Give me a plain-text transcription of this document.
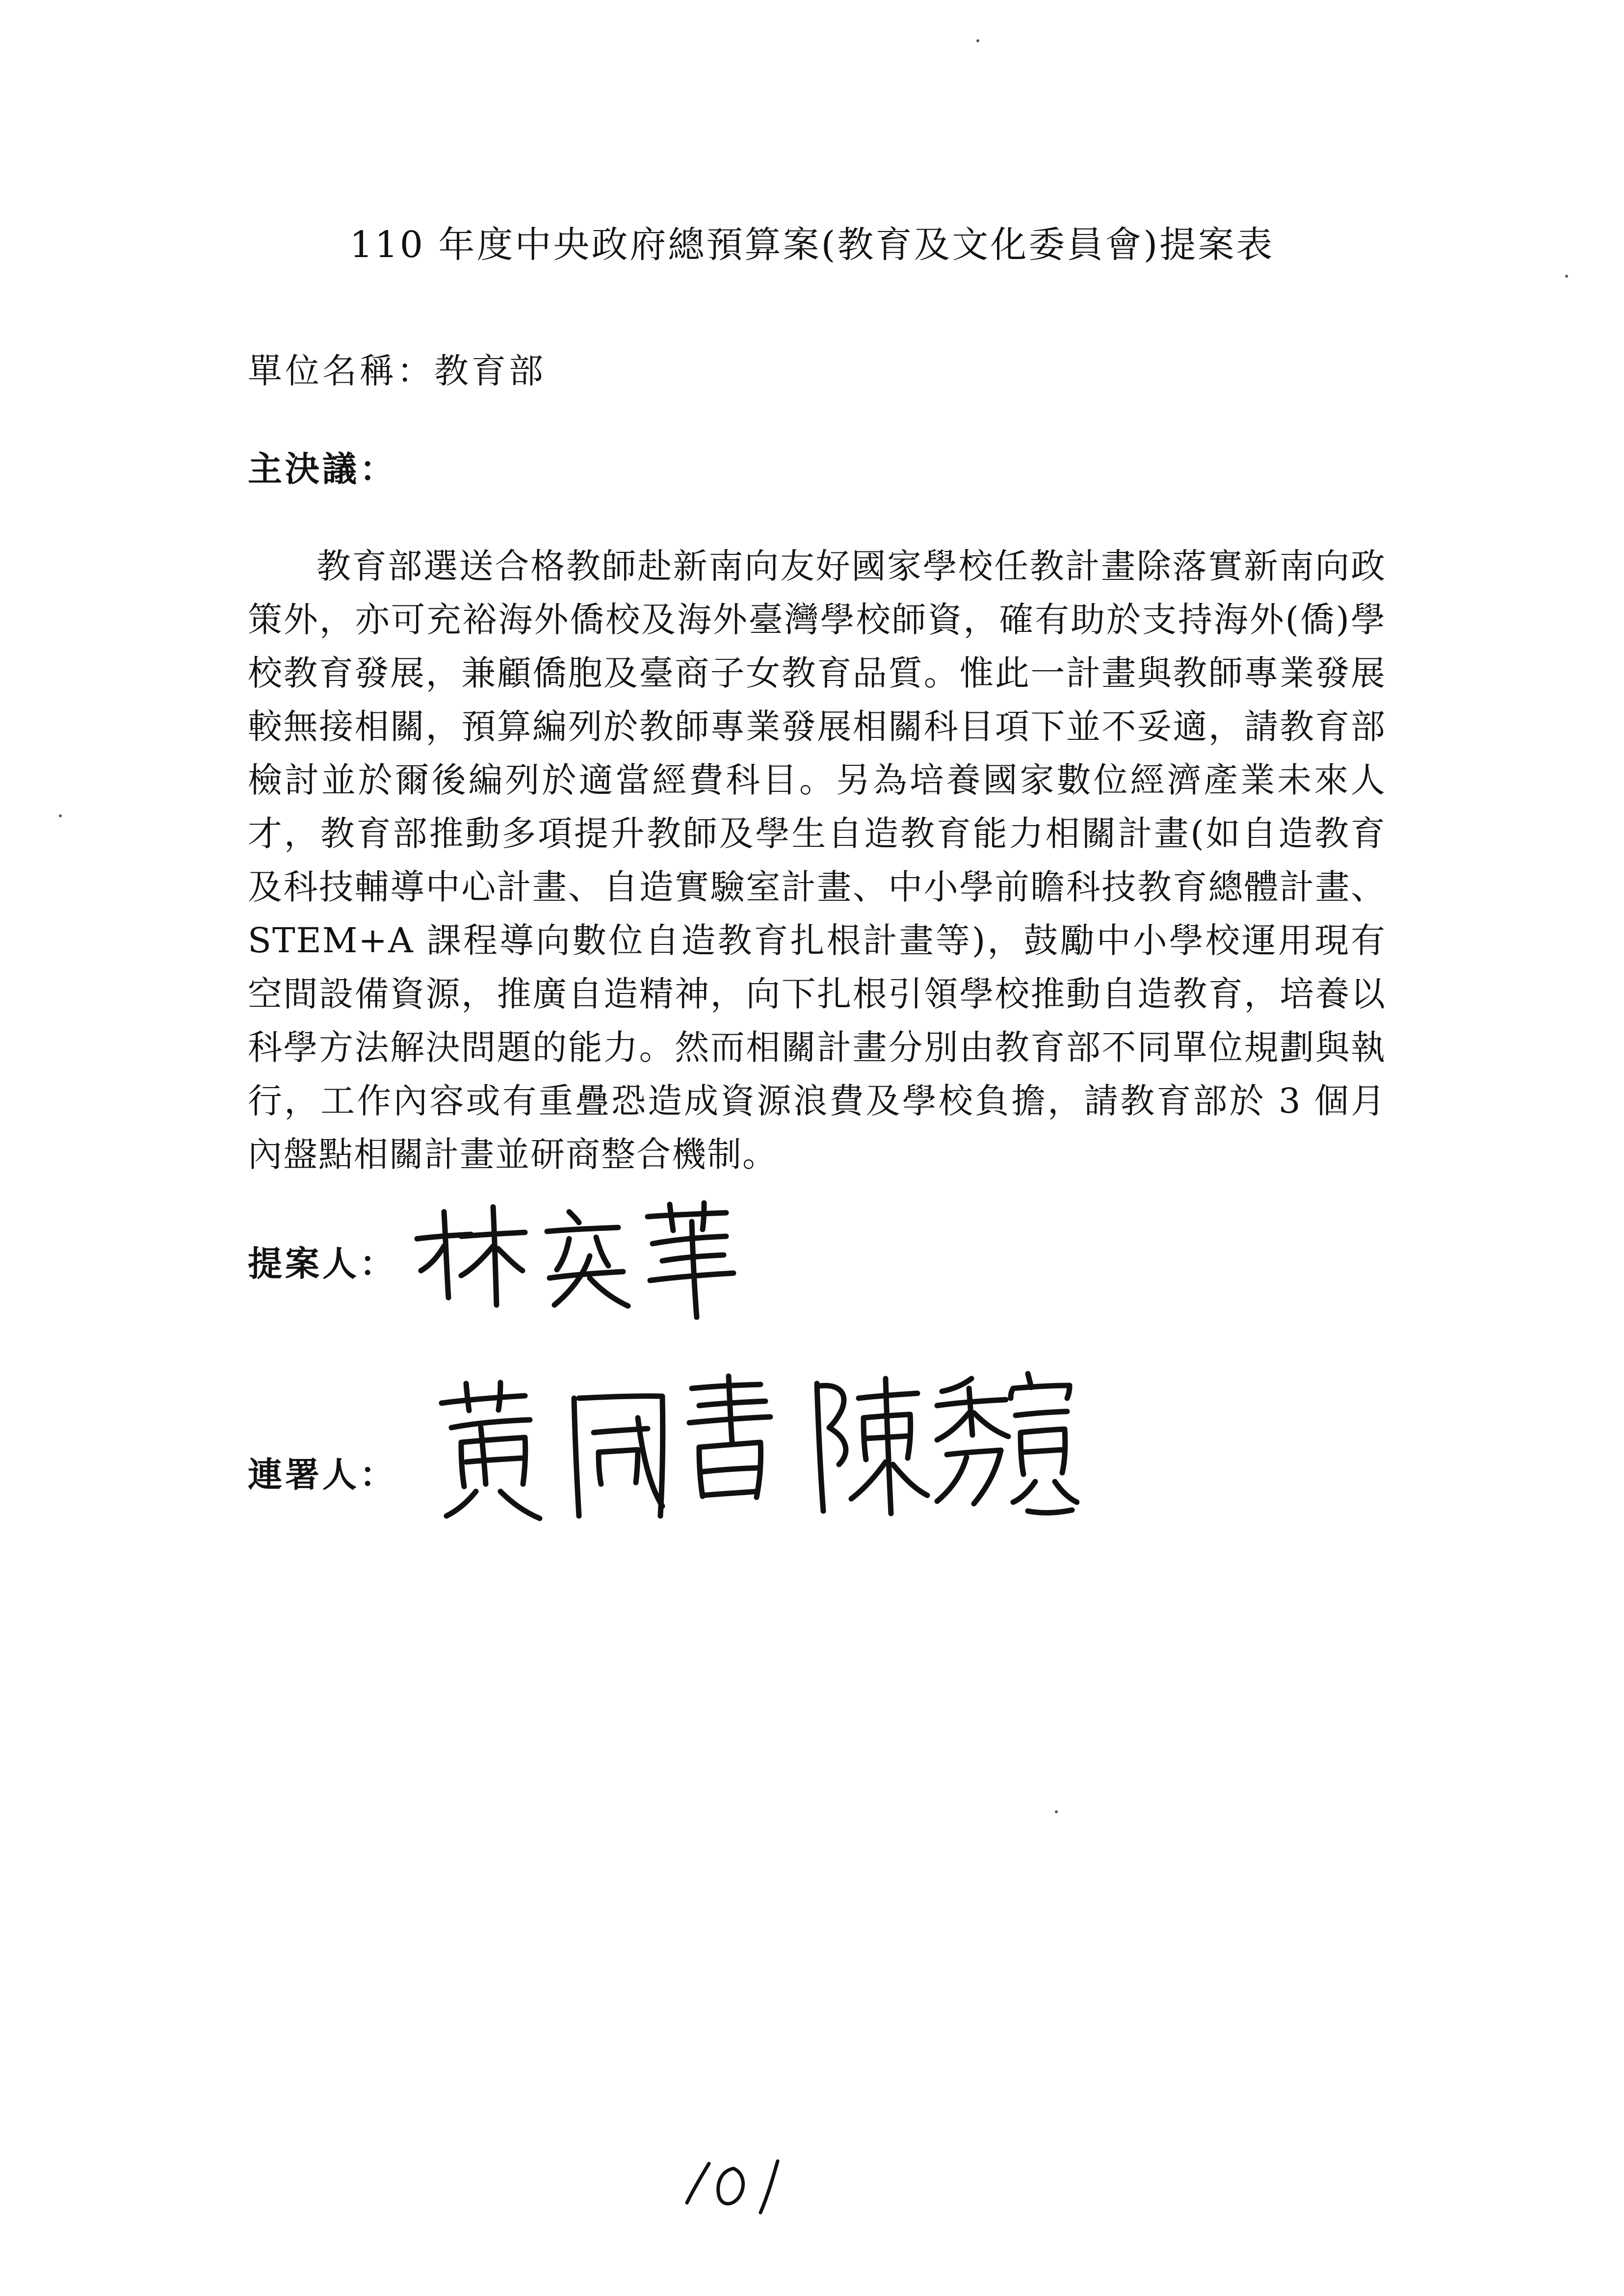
110 年度中央政府總預算案(教育及文化委員會)提案表
單位名稱：教育部
主決議：
教育部選送合格教師赴新南向友好國家學校任教計畫除落實新南向政策外，亦可充裕海外僑校及海外臺灣學校師資，確有助於支持海外(僑)學校教育發展，兼顧僑胞及臺商子女教育品質。惟此一計畫與教師專業發展較無接相關，預算編列於教師專業發展相關科目項下並不妥適，請教育部檢討並於爾後編列於適當經費科目。另為培養國家數位經濟產業未來人才，教育部推動多項提升教師及學生自造教育能力相關計畫(如自造教育及科技輔導中心計畫、自造實驗室計畫、中小學前瞻科技教育總體計畫、STEM+A 課程導向數位自造教育扎根計畫等)，鼓勵中小學校運用現有空間設備資源，推廣自造精神，向下扎根引領學校推動自造教育，培養以科學方法解決問題的能力。然而相關計畫分別由教育部不同單位規劃與執行，工作內容或有重疊恐造成資源浪費及學校負擔，請教育部於 3 個月內盤點相關計畫並研商整合機制。
提案人：
連署人：
